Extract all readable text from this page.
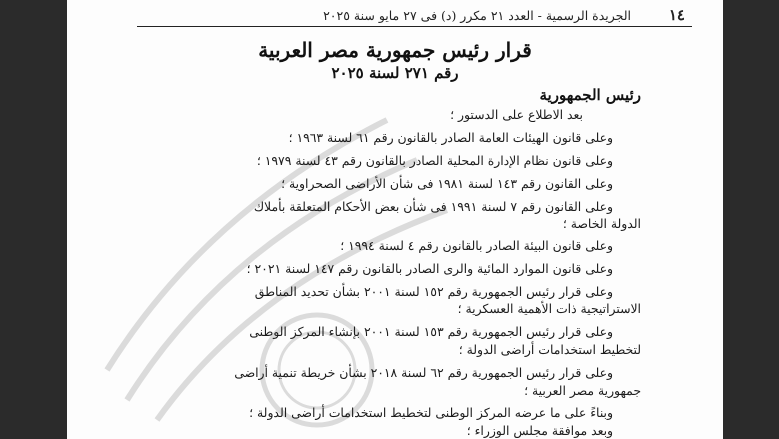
١٤
الجريدة الرسمية - العدد ٢١ مكرر (د) فى ٢٧ مايو سنة ٢٠٢٥
قرار رئيس جمهورية مصر العربية
رقم ٢٧١ لسنة ٢٠٢٥
رئيس الجمهورية
بعد الاطلاع على الدستور ؛
وعلى قانون الهيئات العامة الصادر بالقانون رقم ٦١ لسنة ١٩٦٣ ؛
وعلى قانون نظام الإدارة المحلية الصادر بالقانون رقم ٤٣ لسنة ١٩٧٩ ؛
وعلى القانون رقم ١٤٣ لسنة ١٩٨١ فى شأن الأراضى الصحراوية ؛
وعلى القانون رقم ٧ لسنة ١٩٩١ فى شأن بعض الأحكام المتعلقة بأملاك
الدولة الخاصة ؛
وعلى قانون البيئة الصادر بالقانون رقم ٤ لسنة ١٩٩٤ ؛
وعلى قانون الموارد المائية والرى الصادر بالقانون رقم ١٤٧ لسنة ٢٠٢١ ؛
وعلى قرار رئيس الجمهورية رقم ١٥٢ لسنة ٢٠٠١ بشأن تحديد المناطق
الاستراتيجية ذات الأهمية العسكرية ؛
وعلى قرار رئيس الجمهورية رقم ١٥٣ لسنة ٢٠٠١ بإنشاء المركز الوطنى
لتخطيط استخدامات أراضى الدولة ؛
وعلى قرار رئيس الجمهورية رقم ٦٢ لسنة ٢٠١٨ بشأن خريطة تنمية أراضى
جمهورية مصر العربية ؛
وبناءً على ما عرضه المركز الوطنى لتخطيط استخدامات أراضى الدولة ؛
وبعد موافقة مجلس الوزراء ؛
